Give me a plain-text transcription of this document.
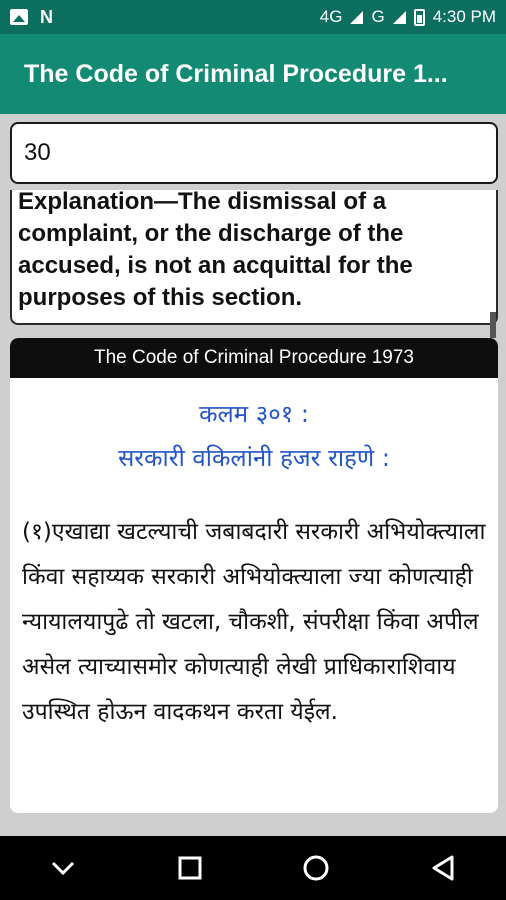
N	4G G	4:30 PM
The Code of Criminal Procedure 1...
30
Explanation—The dismissal of a complaint, or the discharge of the accused, is not an acquittal for the purposes of this section.
The Code of Criminal Procedure 1973
कलम ३०१ :
सरकारी वकिलांनी हजर राहणे :
(१)एखाद्या खटल्याची जबाबदारी सरकारी अभियोक्त्याला किंवा सहाय्यक सरकारी अभियोक्त्याला ज्या कोणत्याही न्यायालयापुढे तो खटला, चौकशी, संपरीक्षा किंवा अपील असेल त्याच्यासमोर कोणत्याही लेखी प्राधिकाराशिवाय उपस्थित होऊन वादकथन करता येईल.
